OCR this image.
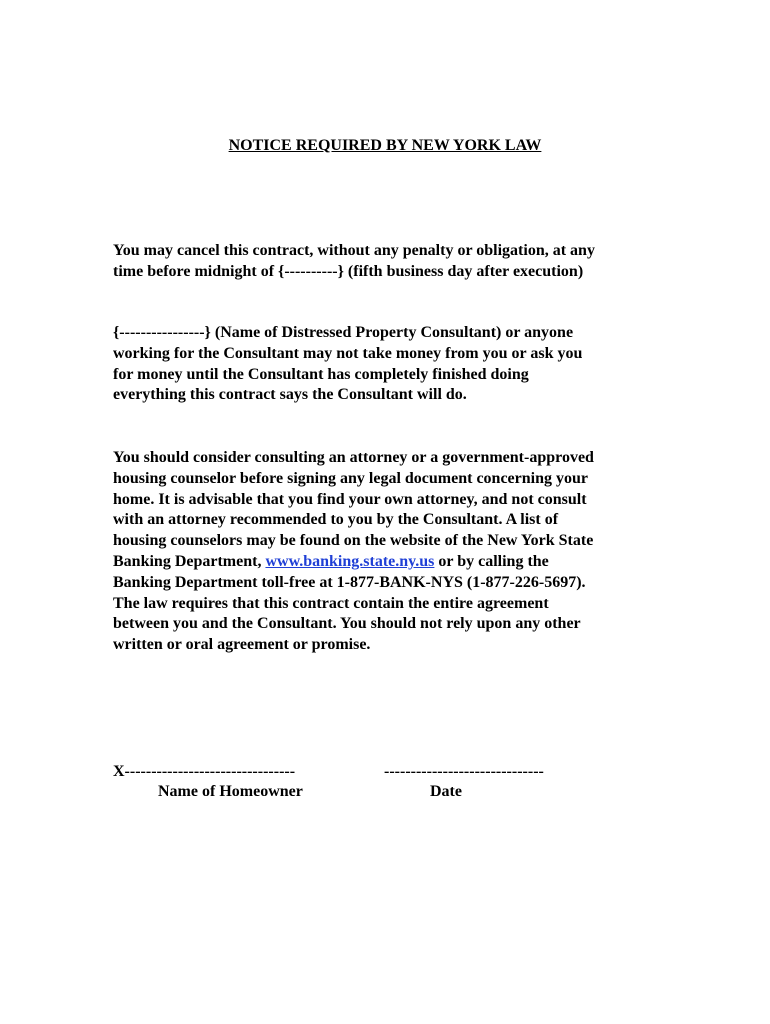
NOTICE REQUIRED BY NEW YORK LAW

You may cancel this contract, without any penalty or obligation, at any
time before midnight of {----------} (fifth business day after execution)

{----------------} (Name of Distressed Property Consultant) or anyone
working for the Consultant may not take money from you or ask you
for money until the Consultant has completely finished doing
everything this contract says the Consultant will do.

You should consider consulting an attorney or a government-approved
housing counselor before signing any legal document concerning your
home. It is advisable that you find your own attorney, and not consult
with an attorney recommended to you by the Consultant. A list of
housing counselors may be found on the website of the New York State
Banking Department, www.banking.state.ny.us or by calling the
Banking Department toll-free at 1-877-BANK-NYS (1-877-226-5697).
The law requires that this contract contain the entire agreement
between you and the Consultant. You should not rely upon any other
written or oral agreement or promise.

X--------------------------------	------------------------------
Name of Homeowner	Date
